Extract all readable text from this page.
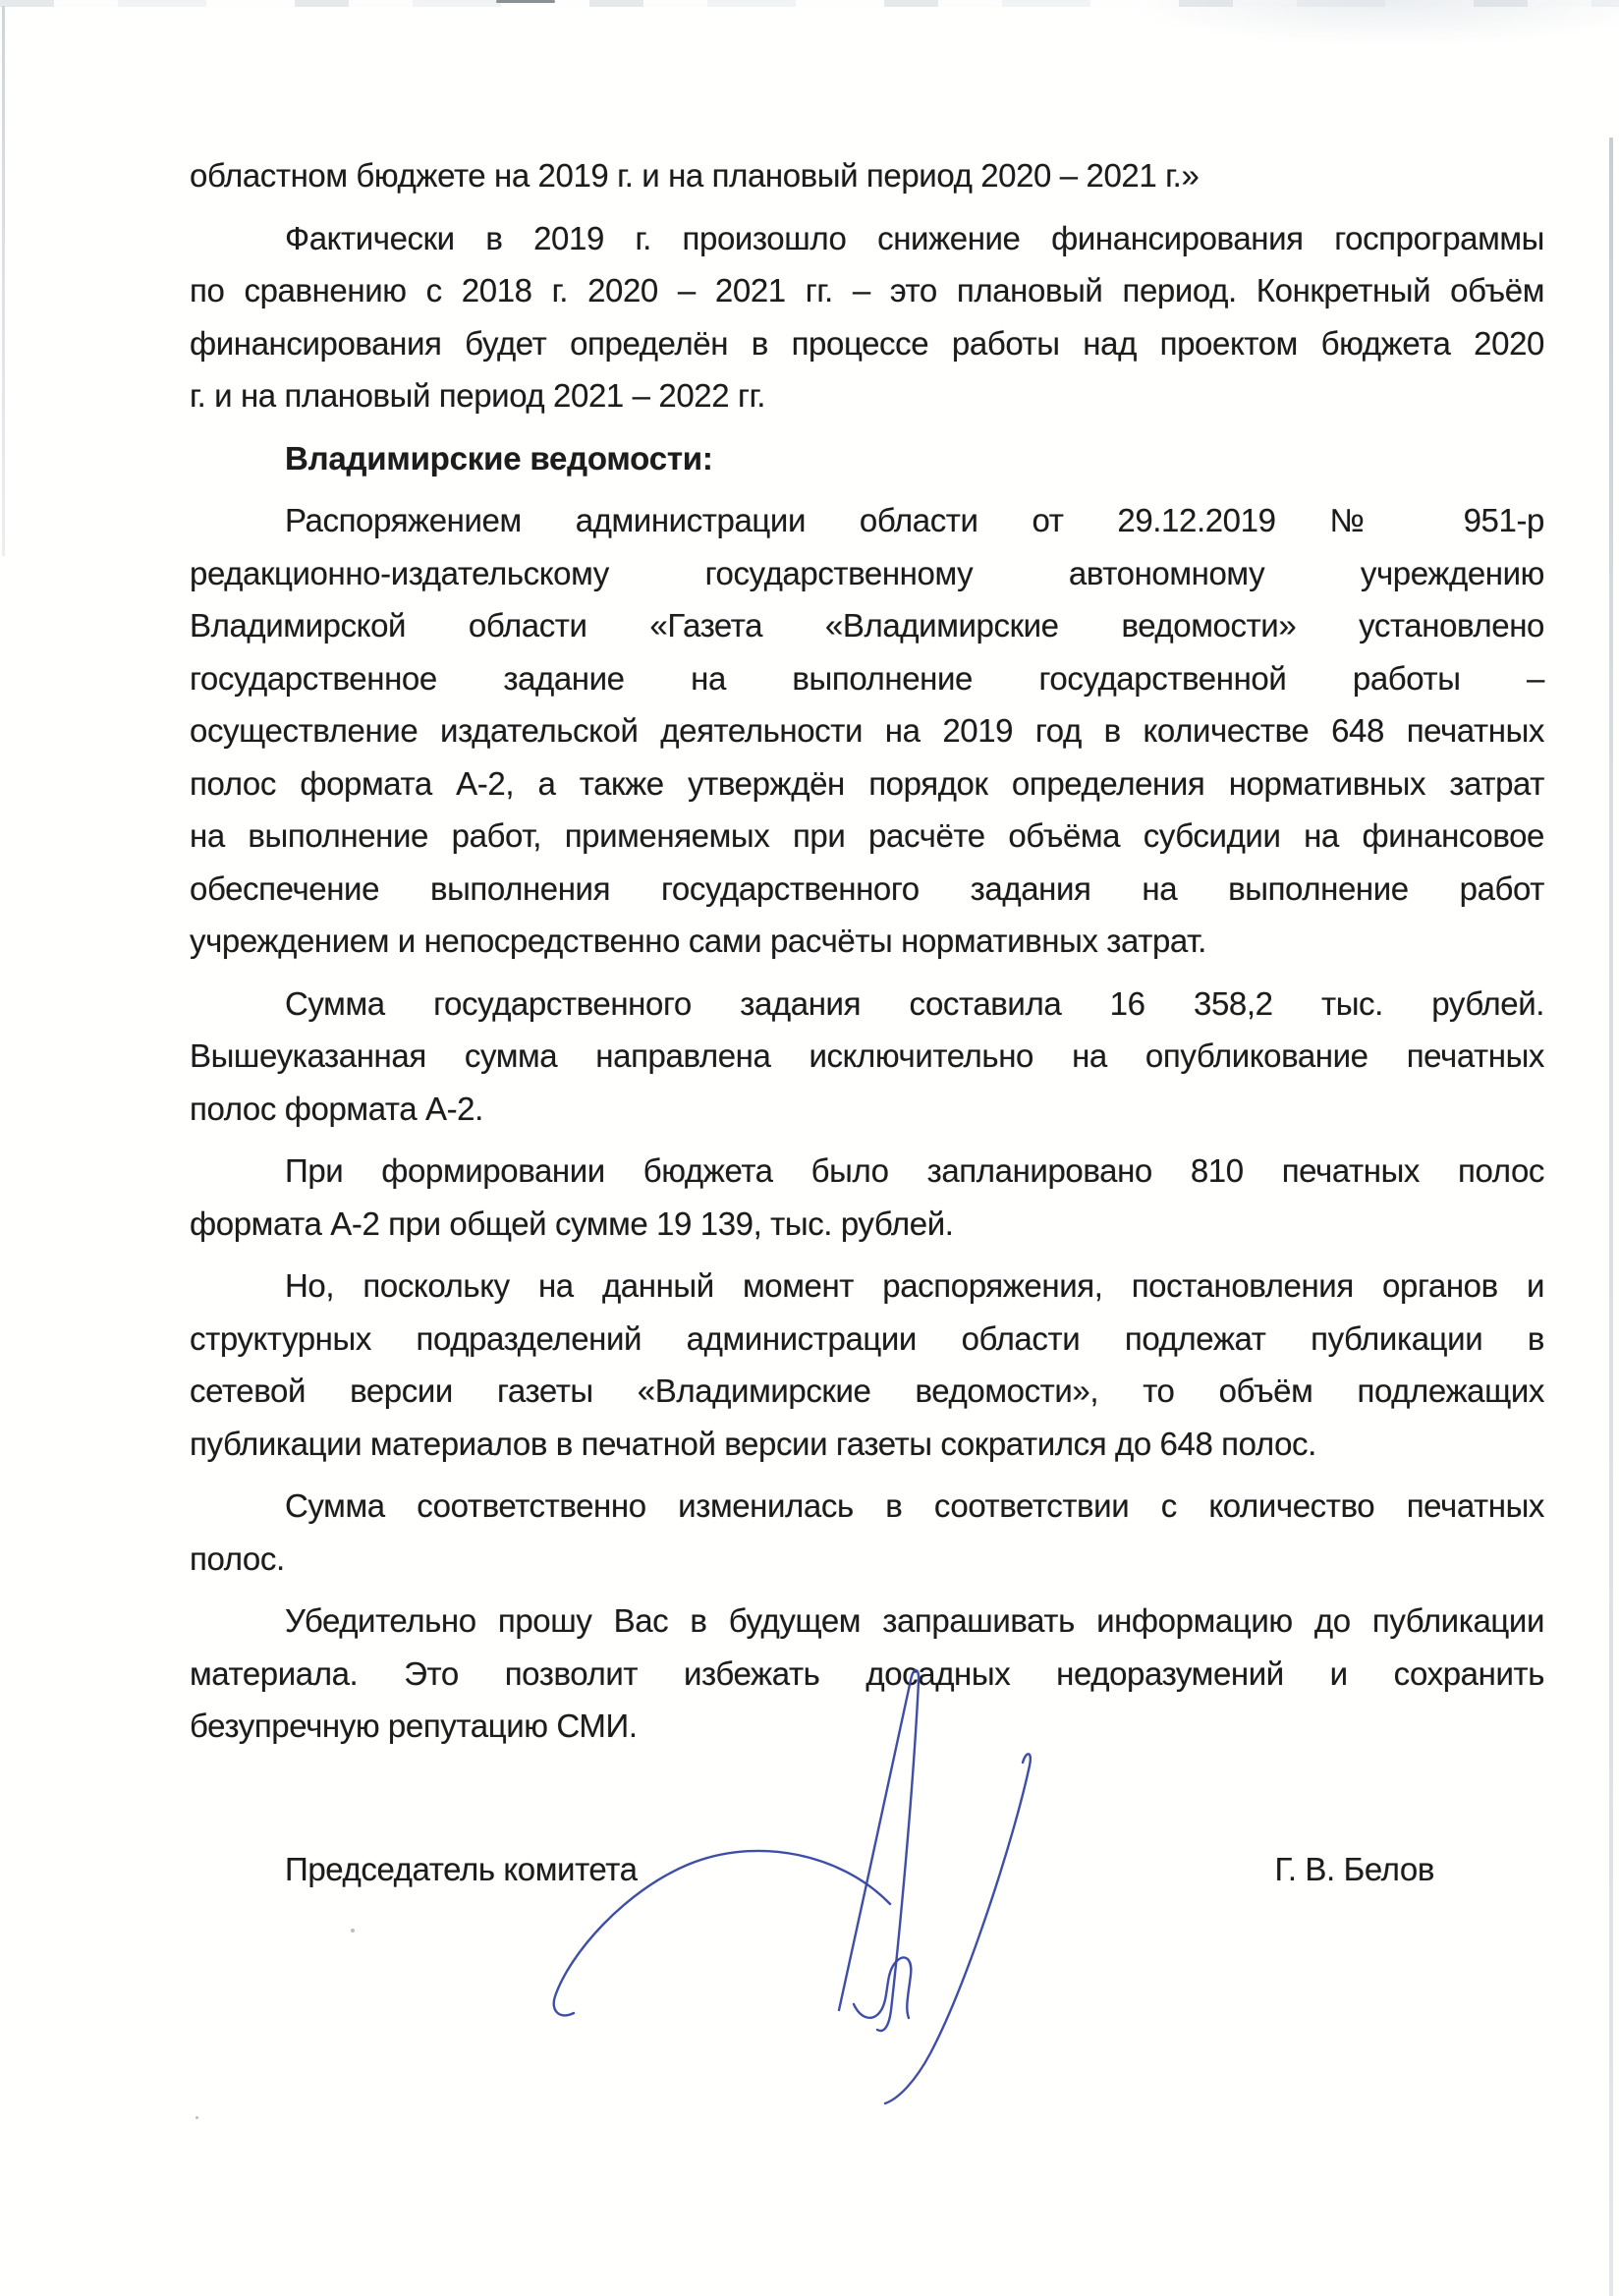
областном бюджете на 2019 г. и на плановый период 2020 – 2021 г.»
Фактически в 2019 г. произошло снижение финансирования госпрограммы
по сравнению с 2018 г. 2020 – 2021 гг. – это плановый период. Конкретный объём
финансирования будет определён в процессе работы над проектом бюджета 2020
г. и на плановый период 2021 – 2022 гг.
Владимирские ведомости:
Распоряжением администрации области от 29.12.2019 № 951-р
редакционно-издательскому государственному автономному учреждению
Владимирской области «Газета «Владимирские ведомости» установлено
государственное задание на выполнение государственной работы –
осуществление издательской деятельности на 2019 год в количестве 648 печатных
полос формата А-2, а также утверждён порядок определения нормативных затрат
на выполнение работ, применяемых при расчёте объёма субсидии на финансовое
обеспечение выполнения государственного задания на выполнение работ
учреждением и непосредственно сами расчёты нормативных затрат.
Сумма государственного задания составила 16 358,2 тыс. рублей.
Вышеуказанная сумма направлена исключительно на опубликование печатных
полос формата А-2.
При формировании бюджета было запланировано 810 печатных полос
формата А-2 при общей сумме 19 139, тыс. рублей.
Но, поскольку на данный момент распоряжения, постановления органов и
структурных подразделений администрации области подлежат публикации в
сетевой версии газеты «Владимирские ведомости», то объём подлежащих
публикации материалов в печатной версии газеты сократился до 648 полос.
Сумма соответственно изменилась в соответствии с количество печатных
полос.
Убедительно прошу Вас в будущем запрашивать информацию до публикации
материала. Это позволит избежать досадных недоразумений и сохранить
безупречную репутацию СМИ.
Председатель комитета	Г. В. Белов
